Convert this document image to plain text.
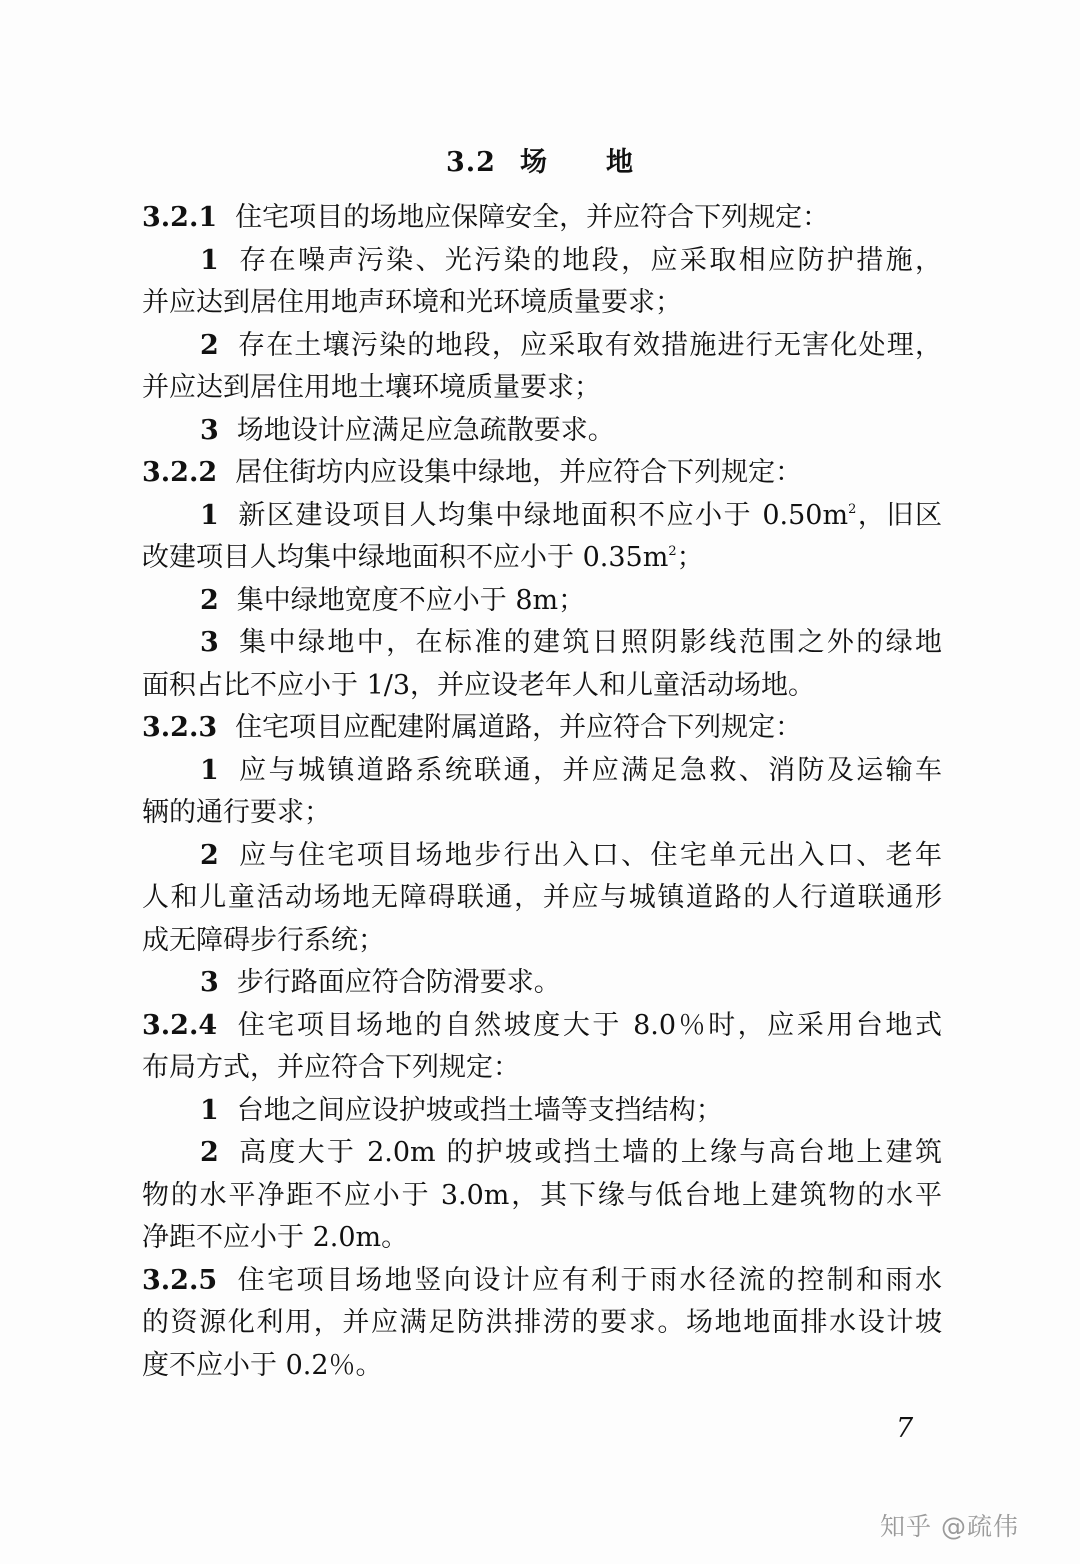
3.2 场 地
3.2.1 住宅项目的场地应保障安全，并应符合下列规定：
1 存在噪声污染、光污染的地段，应采取相应防护措施，
并应达到居住用地声环境和光环境质量要求；
2 存在土壤污染的地段，应采取有效措施进行无害化处理，
并应达到居住用地土壤环境质量要求；
3 场地设计应满足应急疏散要求。
3.2.2 居住街坊内应设集中绿地，并应符合下列规定：
1 新区建设项目人均集中绿地面积不应小于 $0.50m^2$，旧区
改建项目人均集中绿地面积不应小于 $0.35m^2$；
2 集中绿地宽度不应小于 8m；
3 集中绿地中，在标准的建筑日照阴影线范围之外的绿地
面积占比不应小于 1/3，并应设老年人和儿童活动场地。
3.2.3 住宅项目应配建附属道路，并应符合下列规定：
1 应与城镇道路系统联通，并应满足急救、消防及运输车
辆的通行要求；
2 应与住宅项目场地步行出入口、住宅单元出入口、老年
人和儿童活动场地无障碍联通，并应与城镇道路的人行道联通形
成无障碍步行系统；
3 步行路面应符合防滑要求。
3.2.4 住宅项目场地的自然坡度大于 8.0％时，应采用台地式
布局方式，并应符合下列规定：
1 台地之间应设护坡或挡土墙等支挡结构；
2 高度大于 2.0m 的护坡或挡土墙的上缘与高台地上建筑
物的水平净距不应小于 3.0m，其下缘与低台地上建筑物的水平
净距不应小于 2.0m。
3.2.5 住宅项目场地竖向设计应有利于雨水径流的控制和雨水
的资源化利用，并应满足防洪排涝的要求。场地地面排水设计坡
度不应小于 0.2％。
7
知乎 @疏伟
